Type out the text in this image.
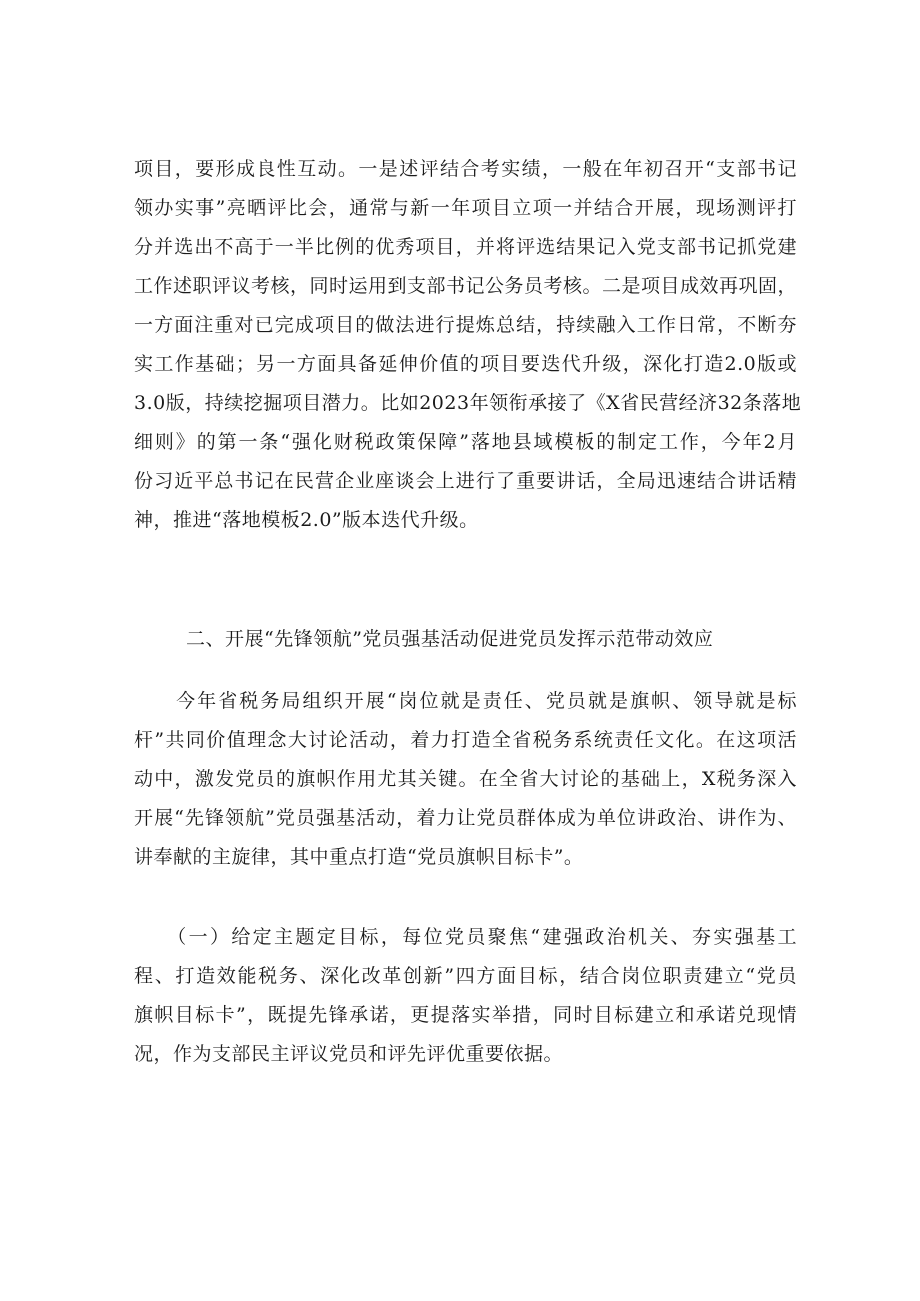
项目，要形成良性互动。一是述评结合考实绩，一般在年初召开“支部书记
领办实事”亮晒评比会，通常与新一年项目立项一并结合开展，现场测评打
分并选出不高于一半比例的优秀项目，并将评选结果记入党支部书记抓党建
工作述职评议考核，同时运用到支部书记公务员考核。二是项目成效再巩固，
一方面注重对已完成项目的做法进行提炼总结，持续融入工作日常，不断夯
实工作基础；另一方面具备延伸价值的项目要迭代升级，深化打造2.0版或
3.0版，持续挖掘项目潜力。比如2023年领衔承接了《X省民营经济32条落地
细则》的第一条“强化财税政策保障”落地县域模板的制定工作，今年2月
份习近平总书记在民营企业座谈会上进行了重要讲话，全局迅速结合讲话精
神，推进“落地模板2.0”版本迭代升级。
二、开展“先锋领航”党员强基活动促进党员发挥示范带动效应
　　今年省税务局组织开展“岗位就是责任、党员就是旗帜、领导就是标
杆”共同价值理念大讨论活动，着力打造全省税务系统责任文化。在这项活
动中，激发党员的旗帜作用尤其关键。在全省大讨论的基础上，X税务深入
开展“先锋领航”党员强基活动，着力让党员群体成为单位讲政治、讲作为、
讲奉献的主旋律，其中重点打造“党员旗帜目标卡”。
　　（一）给定主题定目标，每位党员聚焦“建强政治机关、夯实强基工
程、打造效能税务、深化改革创新”四方面目标，结合岗位职责建立“党员
旗帜目标卡”，既提先锋承诺，更提落实举措，同时目标建立和承诺兑现情
况，作为支部民主评议党员和评先评优重要依据。
